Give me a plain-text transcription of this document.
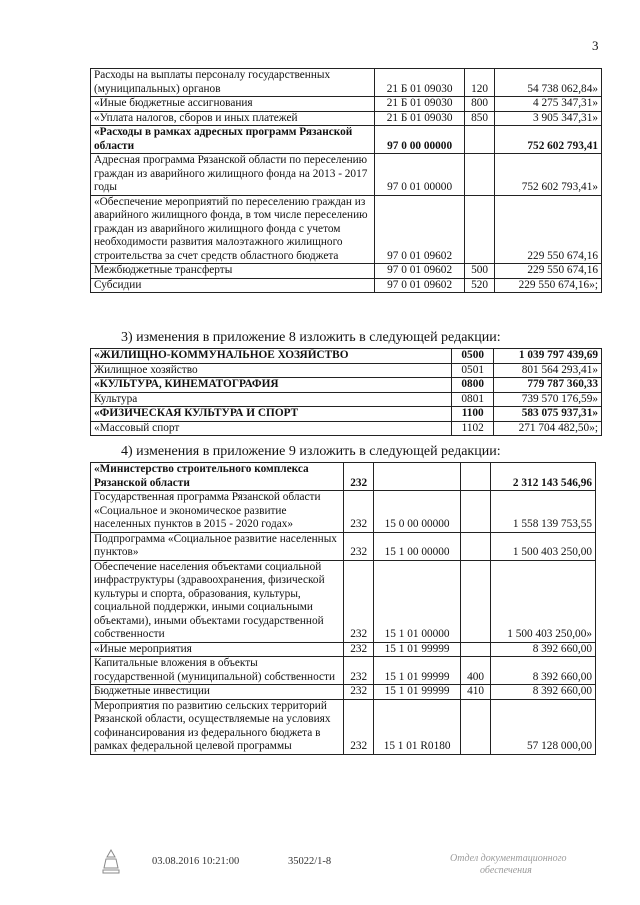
3
Расходы на выплаты персоналу государственных (муниципальных) органов	21 Б 01 09030	120	54 738 062,84»
«Иные бюджетные ассигнования	21 Б 01 09030	800	4 275 347,31»
«Уплата налогов, сборов и иных платежей	21 Б 01 09030	850	3 905 347,31»
«Расходы в рамках адресных программ Рязанской области	97 0 00 00000		752 602 793,41
Адресная программа Рязанской области по переселению граждан из аварийного жилищного фонда на 2013 - 2017 годы	97 0 01 00000		752 602 793,41»
«Обеспечение мероприятий по переселению граждан из аварийного жилищного фонда, в том числе переселению граждан из аварийного жилищного фонда с учетом необходимости развития малоэтажного жилищного строительства за счет средств областного бюджета	97 0 01 09602		229 550 674,16
Межбюджетные трансферты	97 0 01 09602	500	229 550 674,16
Субсидии	97 0 01 09602	520	229 550 674,16»;
3) изменения в приложение 8 изложить в следующей редакции:
«ЖИЛИЩНО-КОММУНАЛЬНОЕ ХОЗЯЙСТВО	0500	1 039 797 439,69
Жилищное хозяйство	0501	801 564 293,41»
«КУЛЬТУРА, КИНЕМАТОГРАФИЯ	0800	779 787 360,33
Культура	0801	739 570 176,59»
«ФИЗИЧЕСКАЯ КУЛЬТУРА И СПОРТ	1100	583 075 937,31»
«Массовый спорт	1102	271 704 482,50»;
4) изменения в приложение 9 изложить в следующей редакции:
«Министерство строительного комплекса Рязанской области	232			2 312 143 546,96
Государственная программа Рязанской области «Социальное и экономическое развитие населенных пунктов в 2015 - 2020 годах»	232	15 0 00 00000		1 558 139 753,55
Подпрограмма «Социальное развитие населенных пунктов»	232	15 1 00 00000		1 500 403 250,00
Обеспечение населения объектами социальной инфраструктуры (здравоохранения, физической культуры и спорта, образования, культуры, социальной поддержки, иными социальными объектами), иными объектами государственной собственности	232	15 1 01 00000		1 500 403 250,00»
«Иные мероприятия	232	15 1 01 99999		8 392 660,00
Капитальные вложения в объекты государственной (муниципальной) собственности	232	15 1 01 99999	400	8 392 660,00
Бюджетные инвестиции	232	15 1 01 99999	410	8 392 660,00
Мероприятия по развитию сельских территорий Рязанской области, осуществляемые на условиях софинансирования из федерального бюджета в рамках федеральной целевой программы	232	15 1 01 R0180		57 128 000,00
03.08.2016 10:21:00	35022/1-8	Отдел документационного
обеспечения
